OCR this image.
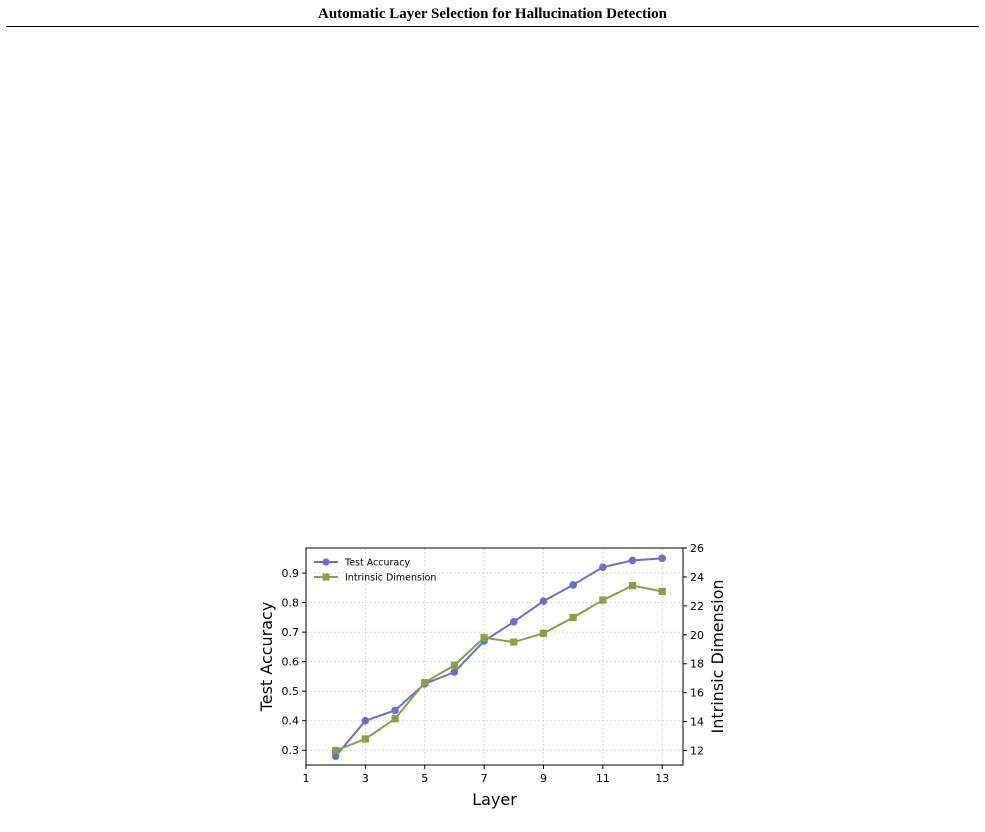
Automatic Layer Selection for Hallucination Detection
1	3	5	7	9	11	13
0.3
0.4
0.5
0.6
0.7
0.8
0.9
12
14
16
18
20
22
24
26
Layer
Test Accuracy	Intrinsic Dimension
Test Accuracy
Intrinsic Dimension
